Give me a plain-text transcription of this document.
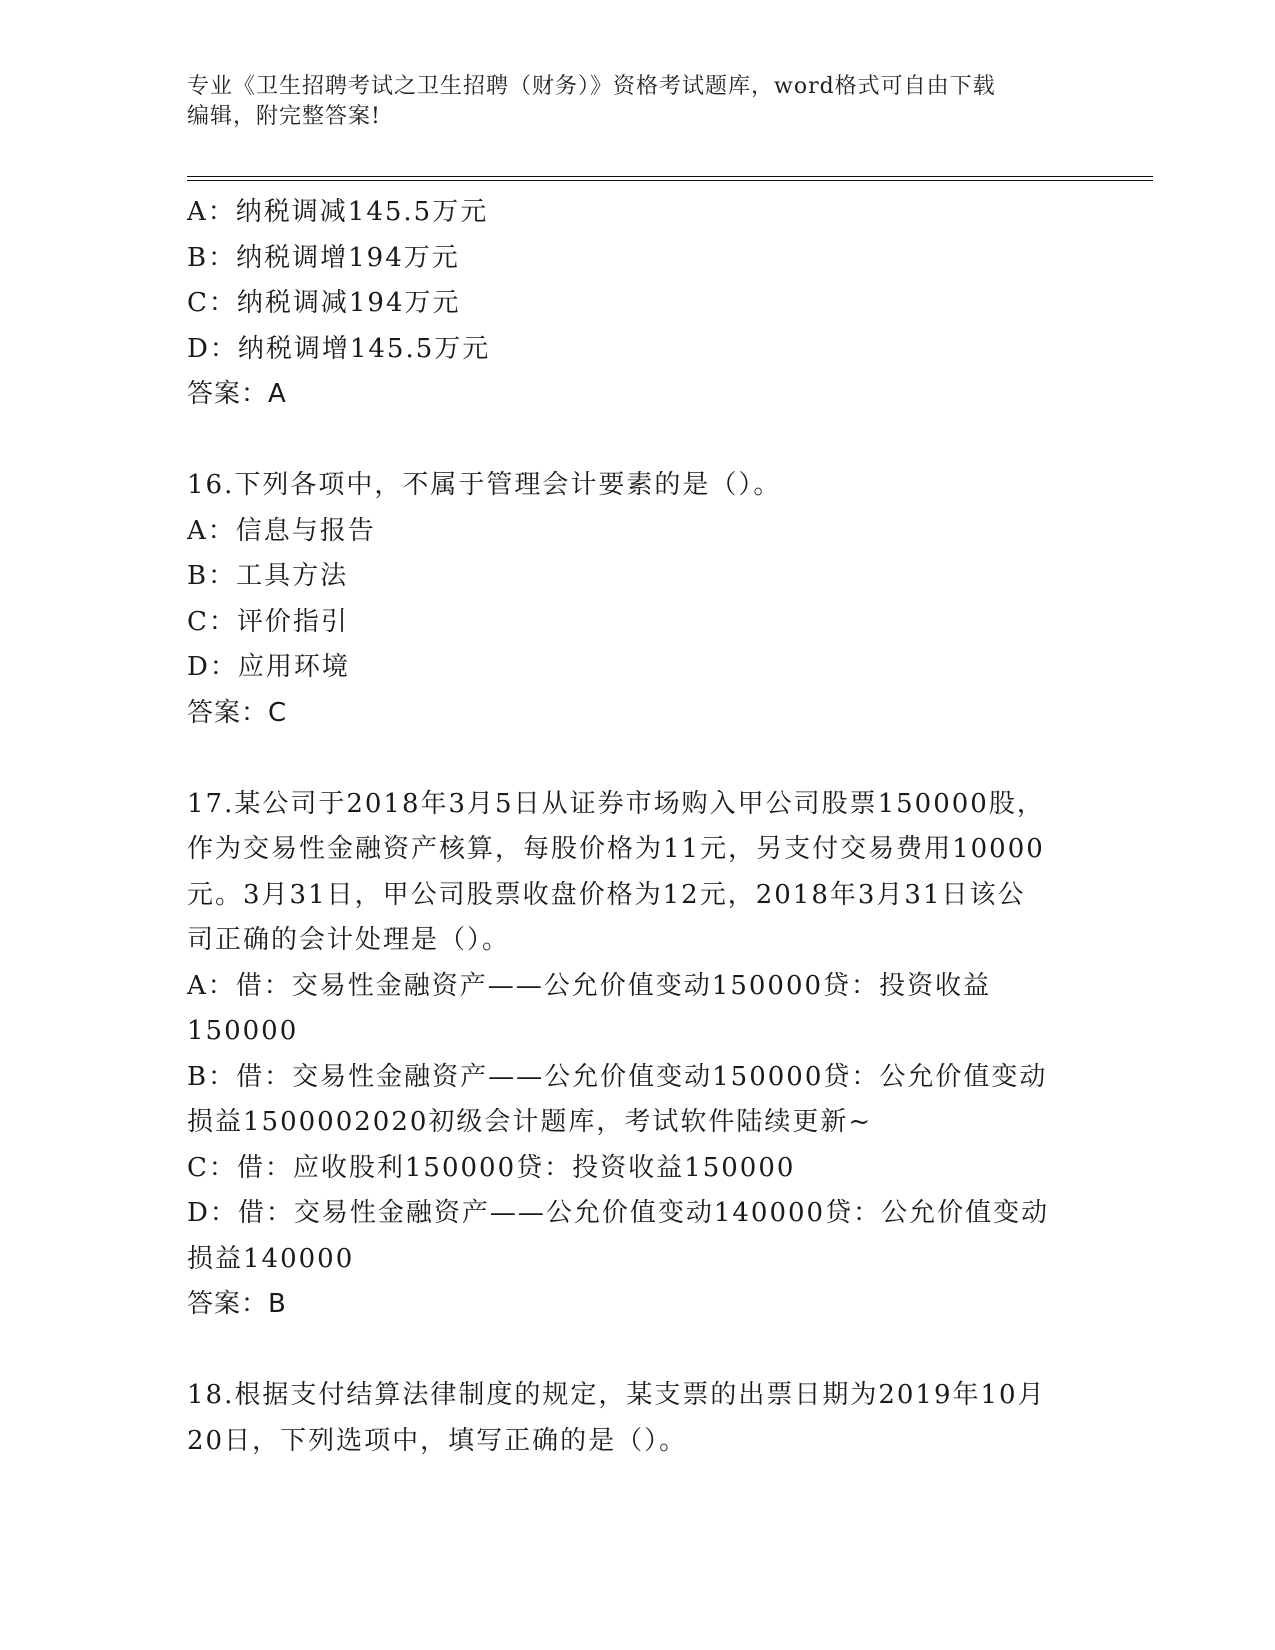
专业《卫生招聘考试之卫生招聘（财务）》资格考试题库，word格式可自由下载
编辑，附完整答案!
A：纳税调减145.5万元
B：纳税调增194万元
C：纳税调减194万元
D：纳税调增145.5万元
答案：A
16.下列各项中，不属于管理会计要素的是（）。
A：信息与报告
B：工具方法
C：评价指引
D：应用环境
答案：C
17.某公司于2018年3月5日从证券市场购入甲公司股票150000股，
作为交易性金融资产核算，每股价格为11元，另支付交易费用10000
元。3月31日，甲公司股票收盘价格为12元，2018年3月31日该公
司正确的会计处理是（）。
A：借：交易性金融资产——公允价值变动150000贷：投资收益
150000
B：借：交易性金融资产——公允价值变动150000贷：公允价值变动
损益1500002020初级会计题库，考试软件陆续更新~
C：借：应收股利150000贷：投资收益150000
D：借：交易性金融资产——公允价值变动140000贷：公允价值变动
损益140000
答案：B
18.根据支付结算法律制度的规定，某支票的出票日期为2019年10月
20日，下列选项中，填写正确的是（）。
